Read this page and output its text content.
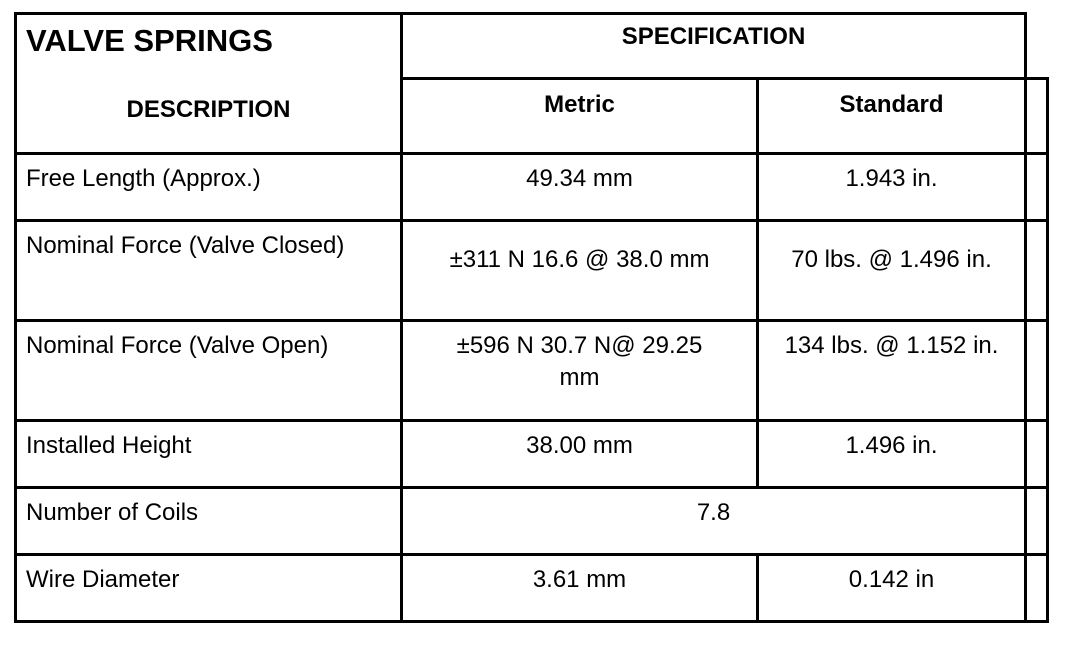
VALVE SPRINGS	SPECIFICATION		

DESCRIPTION	Metric	Standard	

Free Length (Approx.)	49.34 mm	1.943 in.	

Nominal Force (Valve Closed)	±311 N 16.6 @ 38.0 mm	70 lbs. @ 1.496 in.	

Nominal Force (Valve Open)	±596 N 30.7 N@ 29.25 mm	134 lbs. @ 1.152 in.	

Installed Height	38.00 mm	1.496 in.	

Number of Coils	7.8		

Wire Diameter	3.61 mm	0.142 in	
